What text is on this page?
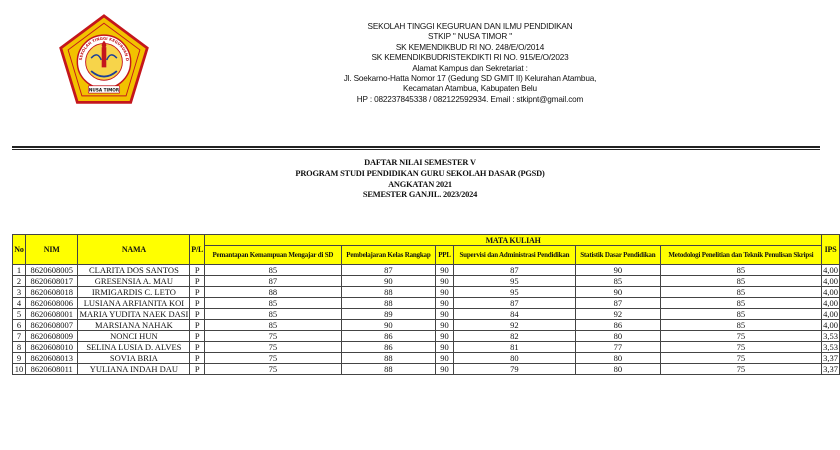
SEKOLAH TINGGI KEGURUAN D
NUSA TIMOR
SEKOLAH TINGGI KEGURUAN DAN ILMU PENDIDIKAN
STKIP " NUSA TIMOR "
SK KEMENDIKBUD RI NO. 248/E/O/2014
SK KEMENDIKBUDRISTEKDIKTI RI NO. 915/E/O/2023
Alamat Kampus dan Sekretariat :
Jl. Soekarno-Hatta Nomor 17 (Gedung SD GMIT II) Kelurahan Atambua,
Kecamatan Atambua, Kabupaten Belu
HP : 082237845338 / 082122592934. Email : stkipnt@gmail.com
DAFTAR NILAI SEMESTER V
PROGRAM STUDI PENDIDIKAN GURU SEKOLAH DASAR (PGSD)
ANGKATAN 2021
SEMESTER GANJIL. 2023/2024
No	NIM	NAMA	P/L	MATA KULIAH						IPS
				Pemantapan Kemampuan Mengajar di SD	Pembelajaran Kelas Rangkap	PPL	Supervisi dan Administrasi Pendidikan	Statistik Dasar Pendidikan	Metodologi Penelitian dan Teknik Penulisan Skripsi	
1	8620608005	CLARITA DOS SANTOS	P	85	87	90	87	90	85	4,00
2	8620608017	GRESENSIA A. MAU	P	87	90	90	95	85	85	4,00
3	8620608018	IRMIGARDIS C. LETO	P	88	88	90	95	90	85	4,00
4	8620608006	LUSIANA ARFIANITA KOI	P	85	88	90	87	87	85	4,00
5	8620608001	MARIA YUDITA NAEK DASI	P	85	89	90	84	92	85	4,00
6	8620608007	MARSIANA NAHAK	P	85	90	90	92	86	85	4,00
7	8620608009	NONCI HUN	P	75	86	90	82	80	75	3,53
8	8620608010	SELINA LUSIA D. ALVES	P	75	86	90	81	77	75	3,53
9	8620608013	SOVIA BRIA	P	75	88	90	80	80	75	3,37
10	8620608011	YULIANA INDAH DAU	P	75	88	90	79	80	75	3,37
